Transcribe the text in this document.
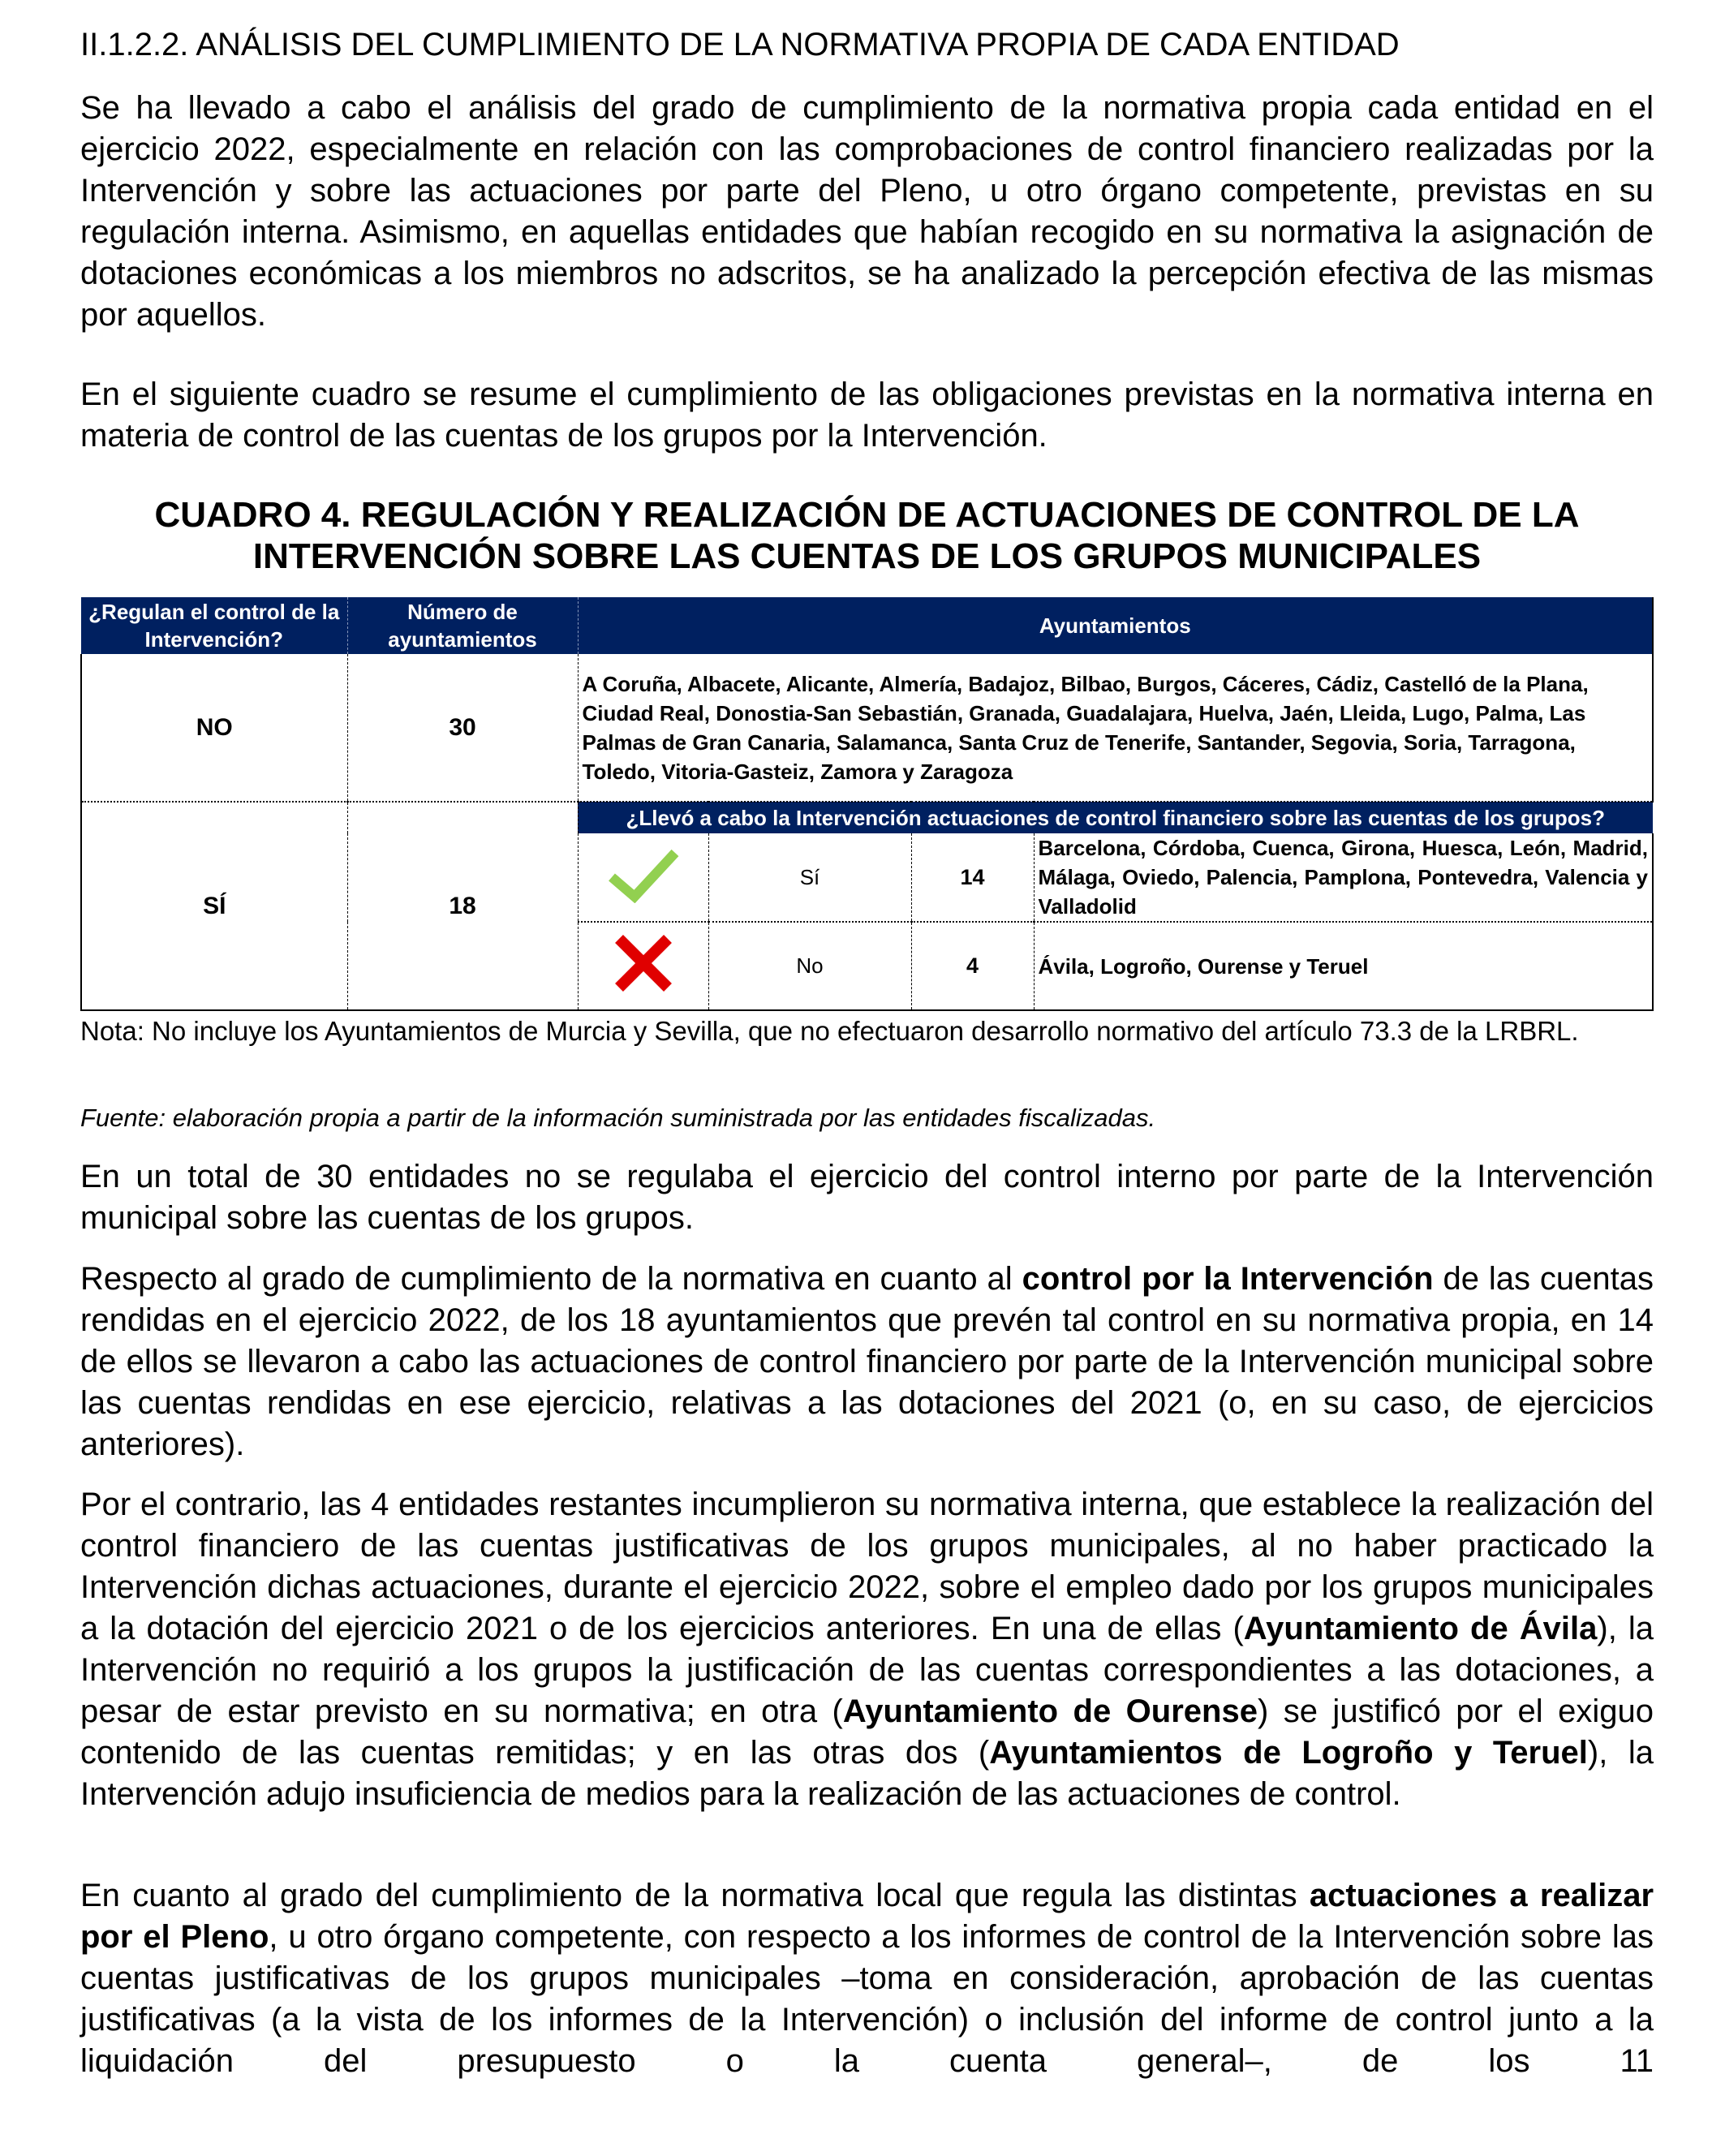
II.1.2.2. ANÁLISIS DEL CUMPLIMIENTO DE LA NORMATIVA PROPIA DE CADA ENTIDAD

Se ha llevado a cabo el análisis del grado de cumplimiento de la normativa propia cada entidad en el ejercicio 2022, especialmente en relación con las comprobaciones de control financiero realizadas por la Intervención y sobre las actuaciones por parte del Pleno, u otro órgano competente, previstas en su regulación interna. Asimismo, en aquellas entidades que habían recogido en su normativa la asignación de dotaciones económicas a los miembros no adscritos, se ha analizado la percepción efectiva de las mismas por aquellos.

En el siguiente cuadro se resume el cumplimiento de las obligaciones previstas en la normativa interna en materia de control de las cuentas de los grupos por la Intervención.

CUADRO 4. REGULACIÓN Y REALIZACIÓN DE ACTUACIONES DE CONTROL DE LA
INTERVENCIÓN SOBRE LAS CUENTAS DE LOS GRUPOS MUNICIPALES
¿Regulan el control de la Intervención?	Número de ayuntamientos	Ayuntamientos			
NO	30	A Coruña, Albacete, Alicante, Almería, Badajoz, Bilbao, Burgos, Cáceres, Cádiz, Castelló de la Plana, Ciudad Real, Donostia-San Sebastián, Granada, Guadalajara, Huelva, Jaén, Lleida, Lugo, Palma, Las Palmas de Gran Canaria, Salamanca, Santa Cruz de Tenerife, Santander, Segovia, Soria, Tarragona, Toledo, Vitoria-Gasteiz, Zamora y Zaragoza			
SÍ	18	¿Llevó a cabo la Intervención actuaciones de control financiero sobre las cuentas de los grupos?			
	Sí	14	Barcelona, Córdoba, Cuenca, Girona, Huesca, León, Madrid, Málaga, Oviedo, Palencia, Pamplona, Pontevedra, Valencia y Valladolid
	No	4	Ávila, Logroño, Ourense y Teruel
Nota: No incluye los Ayuntamientos de Murcia y Sevilla, que no efectuaron desarrollo normativo del artículo 73.3 de la LRBRL.
Fuente: elaboración propia a partir de la información suministrada por las entidades fiscalizadas.

En un total de 30 entidades no se regulaba el ejercicio del control interno por parte de la Intervención municipal sobre las cuentas de los grupos.

Respecto al grado de cumplimiento de la normativa en cuanto al control por la Intervención de las cuentas rendidas en el ejercicio 2022, de los 18 ayuntamientos que prevén tal control en su normativa propia, en 14 de ellos se llevaron a cabo las actuaciones de control financiero por parte de la Intervención municipal sobre las cuentas rendidas en ese ejercicio, relativas a las dotaciones del 2021 (o, en su caso, de ejercicios anteriores).

Por el contrario, las 4 entidades restantes incumplieron su normativa interna, que establece la realización del control financiero de las cuentas justificativas de los grupos municipales, al no haber practicado la Intervención dichas actuaciones, durante el ejercicio 2022, sobre el empleo dado por los grupos municipales a la dotación del ejercicio 2021 o de los ejercicios anteriores. En una de ellas (Ayuntamiento de Ávila), la Intervención no requirió a los grupos la justificación de las cuentas correspondientes a las dotaciones, a pesar de estar previsto en su normativa; en otra (Ayuntamiento de Ourense) se justificó por el exiguo contenido de las cuentas remitidas; y en las otras dos (Ayuntamientos de Logroño y Teruel), la Intervención adujo insuficiencia de medios para la realización de las actuaciones de control.

En cuanto al grado del cumplimiento de la normativa local que regula las distintas actuaciones a realizar por el Pleno, u otro órgano competente, con respecto a los informes de control de la Intervención sobre las cuentas justificativas de los grupos municipales –toma en consideración, aprobación de las cuentas justificativas (a la vista de los informes de la Intervención) o inclusión del informe de control junto a la liquidación del presupuesto o la cuenta general–, de los 11
